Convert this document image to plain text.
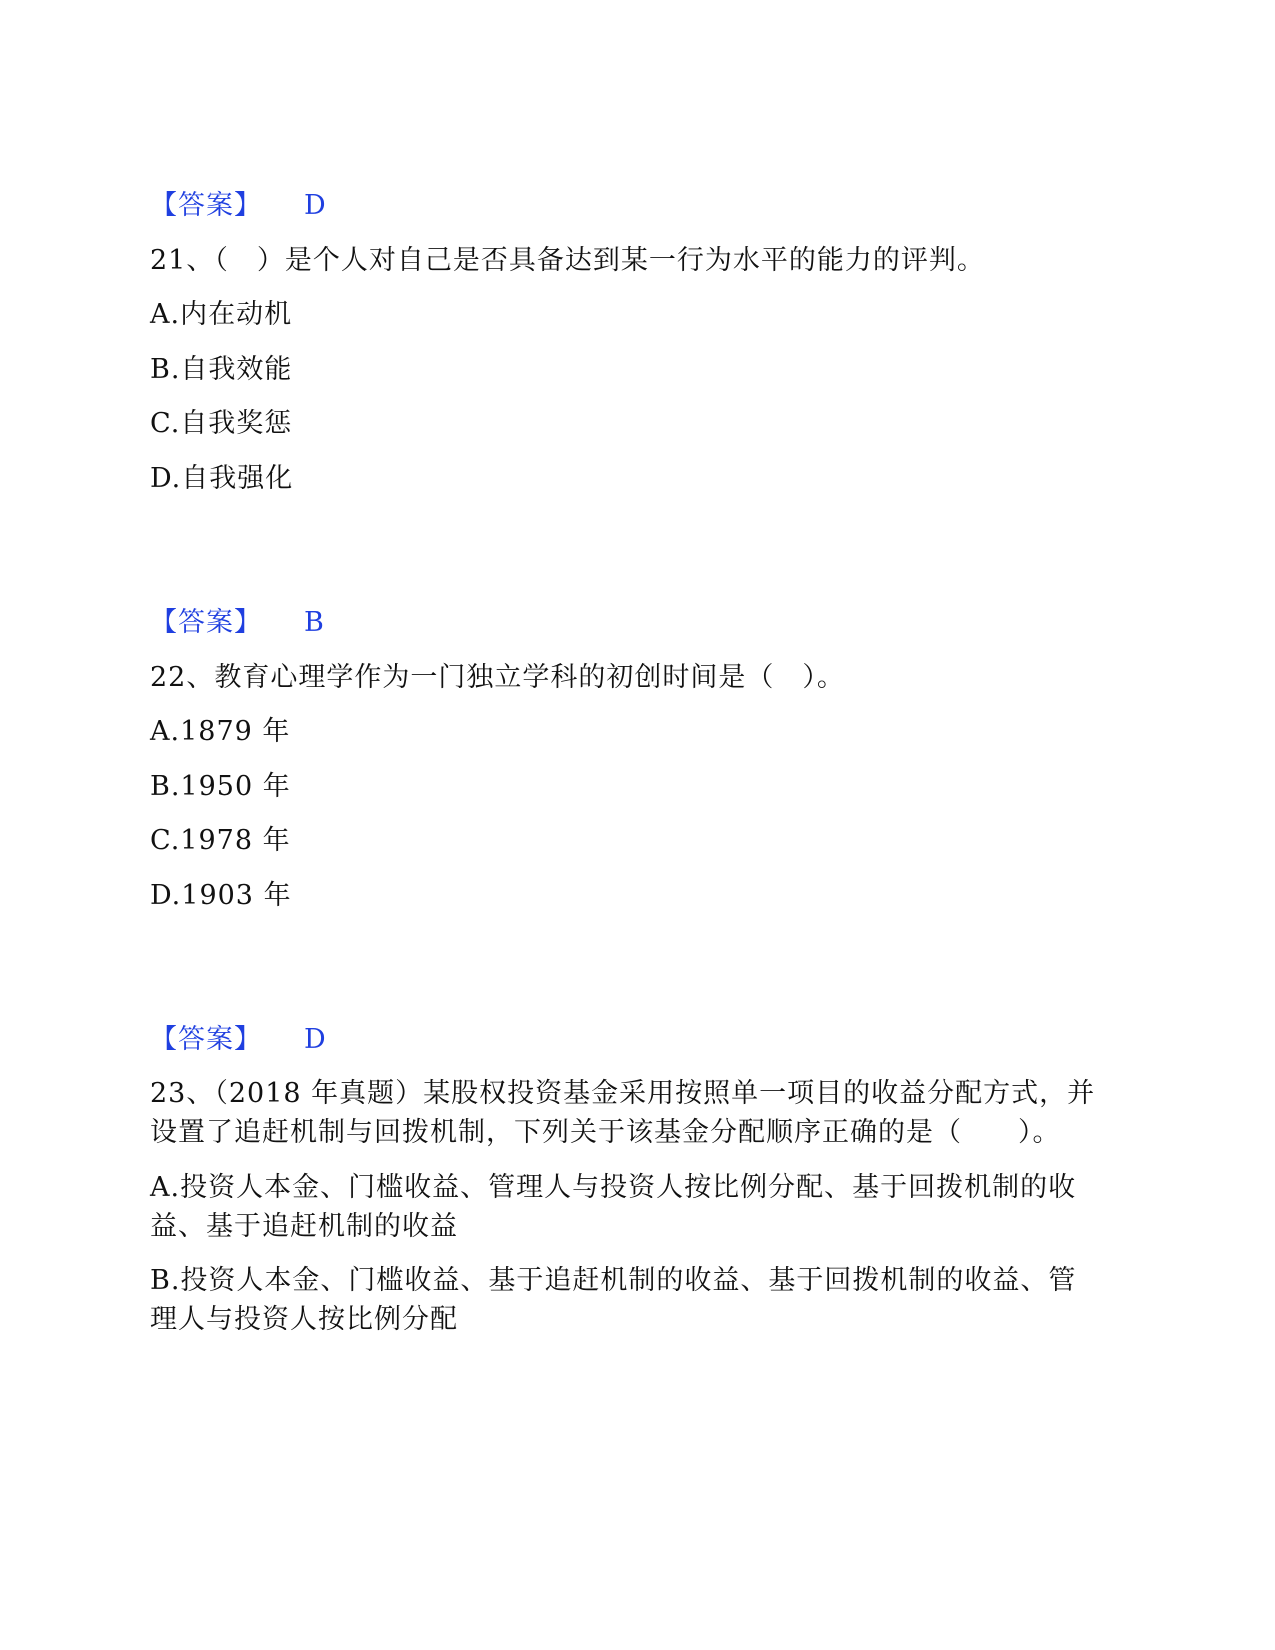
【答案】 D
21、（　）是个人对自己是否具备达到某一行为水平的能力的评判。
A.内在动机
B.自我效能
C.自我奖惩
D.自我强化
【答案】 B
22、教育心理学作为一门独立学科的初创时间是（　）。
A.1879 年
B.1950 年
C.1978 年
D.1903 年
【答案】 D
23、（2018 年真题）某股权投资基金采用按照单一项目的收益分配方式，并
设置了追赶机制与回拨机制，下列关于该基金分配顺序正确的是（　　）。
A.投资人本金、门槛收益、管理人与投资人按比例分配、基于回拨机制的收
益、基于追赶机制的收益
B.投资人本金、门槛收益、基于追赶机制的收益、基于回拨机制的收益、管
理人与投资人按比例分配
